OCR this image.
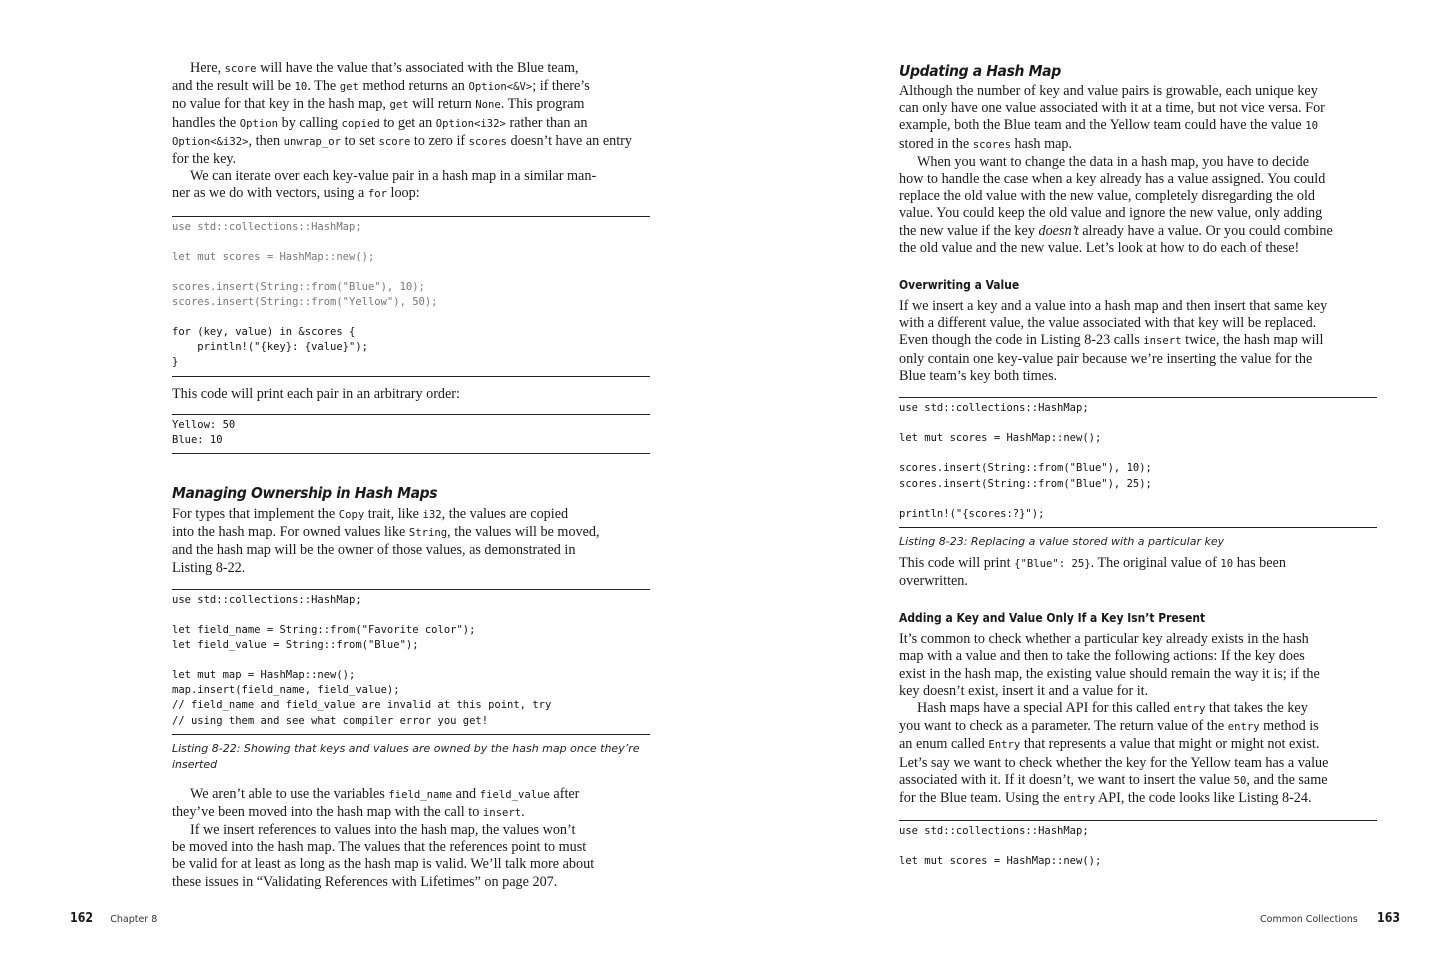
Here, score will have the value that’s associated with the Blue team,
and the result will be 10. The get method returns an Option<&V>; if there’s
no value for that key in the hash map, get will return None. This program
handles the Option by calling copied to get an Option<i32> rather than an
Option<&i32>, then unwrap_or to set score to zero if scores doesn’t have an entry
for the key.

We can iterate over each key-value pair in a hash map in a similar man-
ner as we do with vectors, using a for loop:

use std::collections::HashMap;

let mut scores = HashMap::new();

scores.insert(String::from("Blue"), 10);
scores.insert(String::from("Yellow"), 50);

for (key, value) in &scores {
println!("{key}: {value}");
}

This code will print each pair in an arbitrary order:

Yellow: 50
Blue: 10
Managing Ownership in Hash Maps

For types that implement the Copy trait, like i32, the values are copied
into the hash map. For owned values like String, the values will be moved,
and the hash map will be the owner of those values, as demonstrated in
Listing 8-22.

use std::collections::HashMap;

let field_name = String::from("Favorite color");
let field_value = String::from("Blue");

let mut map = HashMap::new();
map.insert(field_name, field_value);
// field_name and field_value are invalid at this point, try
// using them and see what compiler error you get!

Listing 8-22: Showing that keys and values are owned by the hash map once they’re
inserted

We aren’t able to use the variables field_name and field_value after
they’ve been moved into the hash map with the call to insert.

If we insert references to values into the hash map, the values won’t
be moved into the hash map. The values that the references point to must
be valid for at least as long as the hash map is valid. We’ll talk more about
these issues in “Validating References with Lifetimes” on page 207.

162 Chapter 8
Updating a Hash Map

Although the number of key and value pairs is growable, each unique key
can only have one value associated with it at a time, but not vice versa. For
example, both the Blue team and the Yellow team could have the value 10
stored in the scores hash map.

When you want to change the data in a hash map, you have to decide
how to handle the case when a key already has a value assigned. You could
replace the old value with the new value, completely disregarding the old
value. You could keep the old value and ignore the new value, only adding
the new value if the key doesn’t already have a value. Or you could combine
the old value and the new value. Let’s look at how to do each of these!

Overwriting a Value

If we insert a key and a value into a hash map and then insert that same key
with a different value, the value associated with that key will be replaced.
Even though the code in Listing 8-23 calls insert twice, the hash map will
only contain one key-value pair because we’re inserting the value for the
Blue team’s key both times.

use std::collections::HashMap;

let mut scores = HashMap::new();

scores.insert(String::from("Blue"), 10);
scores.insert(String::from("Blue"), 25);

println!("{scores:?}");

Listing 8-23: Replacing a value stored with a particular key

This code will print {"Blue": 25}. The original value of 10 has been
overwritten.

Adding a Key and Value Only If a Key Isn’t Present

It’s common to check whether a particular key already exists in the hash
map with a value and then to take the following actions: If the key does
exist in the hash map, the existing value should remain the way it is; if the
key doesn’t exist, insert it and a value for it.

Hash maps have a special API for this called entry that takes the key
you want to check as a parameter. The return value of the entry method is
an enum called Entry that represents a value that might or might not exist.
Let’s say we want to check whether the key for the Yellow team has a value
associated with it. If it doesn’t, we want to insert the value 50, and the same
for the Blue team. Using the entry API, the code looks like Listing 8-24.

use std::collections::HashMap;

let mut scores = HashMap::new();
Common Collections 163
